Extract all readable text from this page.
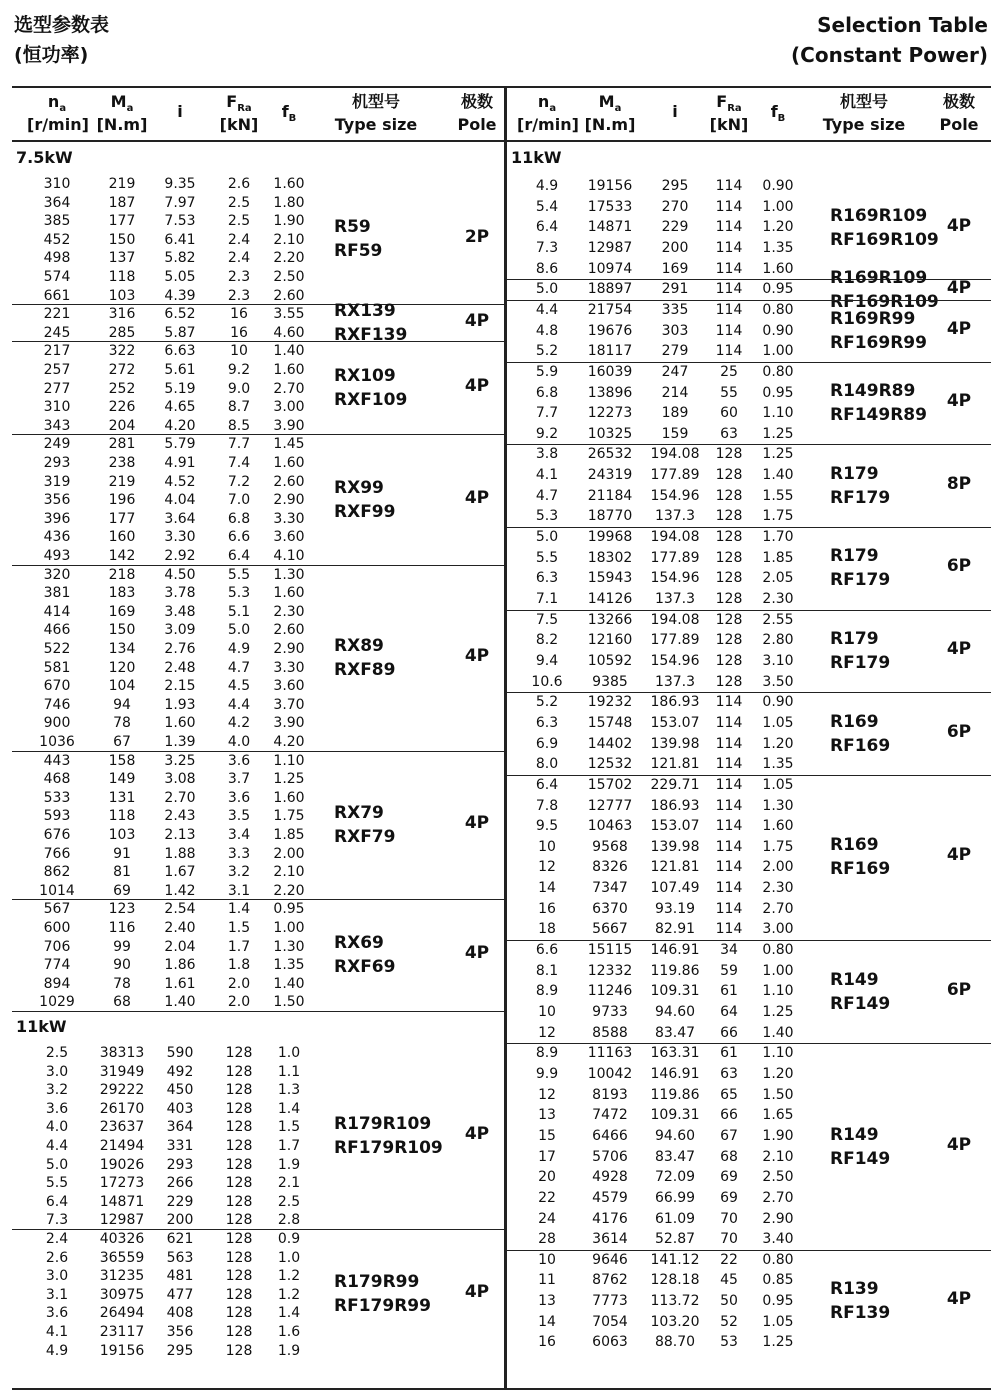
选型参数表
(恒功率)
Selection Table
(Constant Power)
$n_a$
[r/min]
$M_a$
[N.m]
i
$F_{Ra}$
[kN]
$f_B$
机型号
Type size
极数
Pole
7.5kW
310	219	9.35	2.6	1.60
364	187	7.97	2.5	1.80
385	177	7.53	2.5	1.90
452	150	6.41	2.4	2.10
498	137	5.82	2.4	2.20
574	118	5.05	2.3	2.50
661	103	4.39	2.3	2.60
R59
RF59
2P
221	316	6.52	16	3.55
245	285	5.87	16	4.60
RX139
RXF139
4P
217	322	6.63	10	1.40
257	272	5.61	9.2	1.60
277	252	5.19	9.0	2.70
310	226	4.65	8.7	3.00
343	204	4.20	8.5	3.90
RX109
RXF109
4P
249	281	5.79	7.7	1.45
293	238	4.91	7.4	1.60
319	219	4.52	7.2	2.60
356	196	4.04	7.0	2.90
396	177	3.64	6.8	3.30
436	160	3.30	6.6	3.60
493	142	2.92	6.4	4.10
RX99
RXF99
4P
320	218	4.50	5.5	1.30
381	183	3.78	5.3	1.60
414	169	3.48	5.1	2.30
466	150	3.09	5.0	2.60
522	134	2.76	4.9	2.90
581	120	2.48	4.7	3.30
670	104	2.15	4.5	3.60
746	94	1.93	4.4	3.70
900	78	1.60	4.2	3.90
1036	67	1.39	4.0	4.20
RX89
RXF89
4P
443	158	3.25	3.6	1.10
468	149	3.08	3.7	1.25
533	131	2.70	3.6	1.60
593	118	2.43	3.5	1.75
676	103	2.13	3.4	1.85
766	91	1.88	3.3	2.00
862	81	1.67	3.2	2.10
1014	69	1.42	3.1	2.20
RX79
RXF79
4P
567	123	2.54	1.4	0.95
600	116	2.40	1.5	1.00
706	99	2.04	1.7	1.30
774	90	1.86	1.8	1.35
894	78	1.61	2.0	1.40
1029	68	1.40	2.0	1.50
RX69
RXF69
4P
11kW
2.5	38313	590	128	1.0
3.0	31949	492	128	1.1
3.2	29222	450	128	1.3
3.6	26170	403	128	1.4
4.0	23637	364	128	1.5
4.4	21494	331	128	1.7
5.0	19026	293	128	1.9
5.5	17273	266	128	2.1
6.4	14871	229	128	2.5
7.3	12987	200	128	2.8
R179R109
RF179R109
4P
2.4	40326	621	128	0.9
2.6	36559	563	128	1.0
3.0	31235	481	128	1.2
3.1	30975	477	128	1.2
3.6	26494	408	128	1.4
4.1	23117	356	128	1.6
4.9	19156	295	128	1.9
R179R99
RF179R99
4P
$n_a$
[r/min]
$M_a$
[N.m]
i
$F_{Ra}$
[kN]
$f_B$
机型号
Type size
极数
Pole
11kW
4.9	19156	295	114	0.90
5.4	17533	270	114	1.00
6.4	14871	229	114	1.20
7.3	12987	200	114	1.35
8.6	10974	169	114	1.60
R169R109
RF169R109
4P
5.0	18897	291	114	0.95
R169R109
RF169R109
4P
4.4	21754	335	114	0.80
4.8	19676	303	114	0.90
5.2	18117	279	114	1.00
R169R99
RF169R99
4P
5.9	16039	247	25	0.80
6.8	13896	214	55	0.95
7.7	12273	189	60	1.10
9.2	10325	159	63	1.25
R149R89
RF149R89
4P
3.8	26532	194.08	128	1.25
4.1	24319	177.89	128	1.40
4.7	21184	154.96	128	1.55
5.3	18770	137.3	128	1.75
R179
RF179
8P
5.0	19968	194.08	128	1.70
5.5	18302	177.89	128	1.85
6.3	15943	154.96	128	2.05
7.1	14126	137.3	128	2.30
R179
RF179
6P
7.5	13266	194.08	128	2.55
8.2	12160	177.89	128	2.80
9.4	10592	154.96	128	3.10
10.6	9385	137.3	128	3.50
R179
RF179
4P
5.2	19232	186.93	114	0.90
6.3	15748	153.07	114	1.05
6.9	14402	139.98	114	1.20
8.0	12532	121.81	114	1.35
R169
RF169
6P
6.4	15702	229.71	114	1.05
7.8	12777	186.93	114	1.30
9.5	10463	153.07	114	1.60
10	9568	139.98	114	1.75
12	8326	121.81	114	2.00
14	7347	107.49	114	2.30
16	6370	93.19	114	2.70
18	5667	82.91	114	3.00
R169
RF169
4P
6.6	15115	146.91	34	0.80
8.1	12332	119.86	59	1.00
8.9	11246	109.31	61	1.10
10	9733	94.60	64	1.25
12	8588	83.47	66	1.40
R149
RF149
6P
8.9	11163	163.31	61	1.10
9.9	10042	146.91	63	1.20
12	8193	119.86	65	1.50
13	7472	109.31	66	1.65
15	6466	94.60	67	1.90
17	5706	83.47	68	2.10
20	4928	72.09	69	2.50
22	4579	66.99	69	2.70
24	4176	61.09	70	2.90
28	3614	52.87	70	3.40
R149
RF149
4P
10	9646	141.12	22	0.80
11	8762	128.18	45	0.85
13	7773	113.72	50	0.95
14	7054	103.20	52	1.05
16	6063	88.70	53	1.25
R139
RF139
4P
